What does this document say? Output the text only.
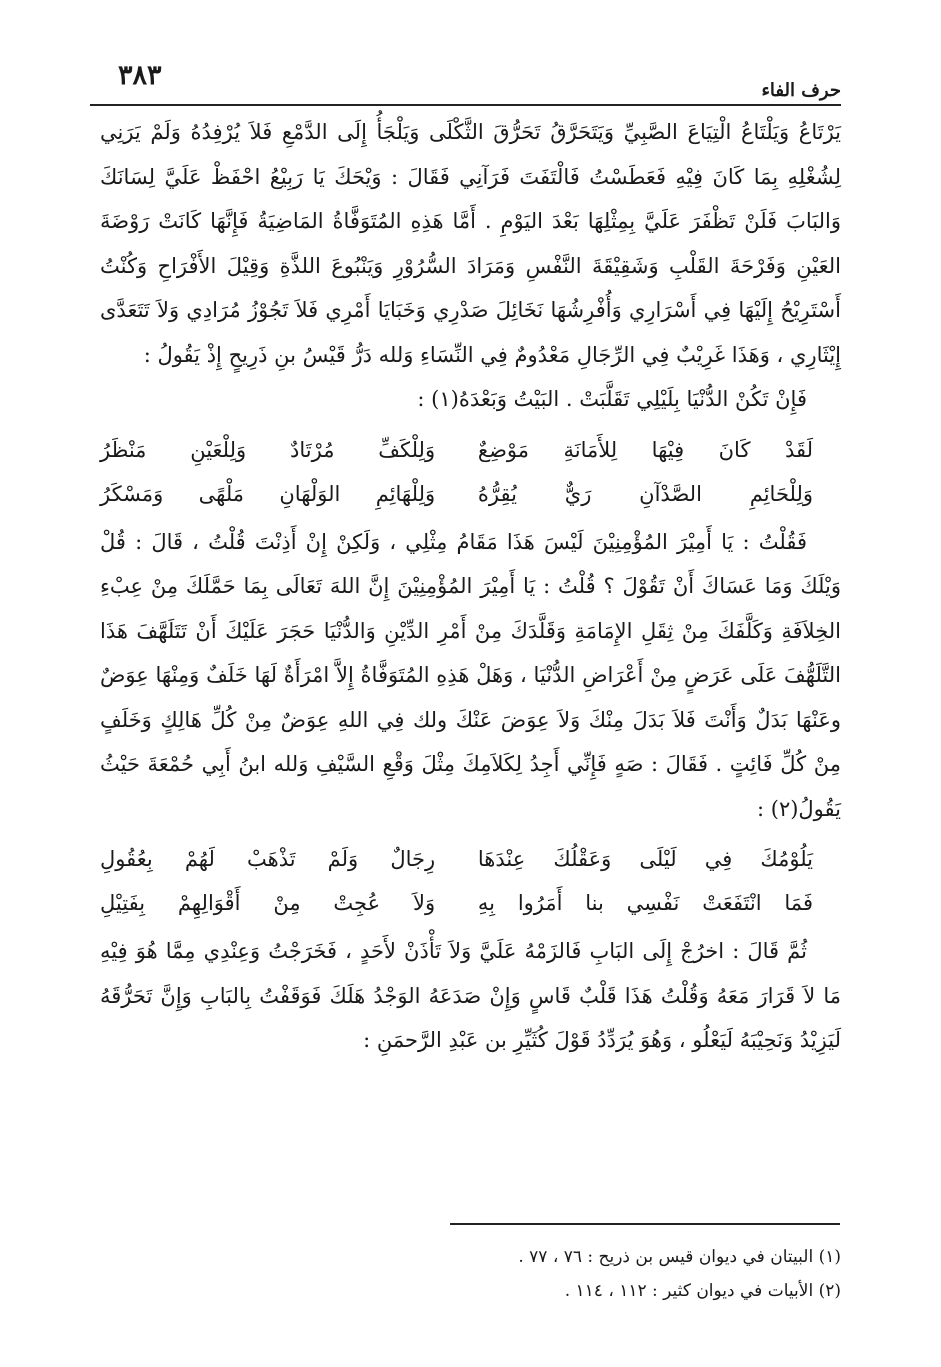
٣٨٣	حرف الفاء

يَرْتَاعُ وَيَلْتَاعُ الْتِيَاعَ الصَّبِيِّ وَيَتَحَرَّقُ تَحَرُّقَ الثَّكْلَى وَيَلْجَأُ إِلَى الدَّمْعِ فَلاَ يُرْفِدُهُ وَلَمْ يَرَنِي لِشُغْلِهِ بِمَا كَانَ فِيْهِ فَعَطَسْتُ فَالْتَفَتَ فَرَآنِي فَقَالَ : وَيْحَكَ يَا رَبِيْعُ احْفَظْ عَلَيَّ لِسَانَكَ وَالبَابَ فَلَنْ تَظْفَرَ عَلَيَّ بِمِثْلِهَا بَعْدَ اليَوْمِ . أَمَّا هَذِهِ المُتَوَفَّاةُ المَاضِيَةُ فَإِنَّهَا كَانَتْ رَوْضَةَ العَيْنِ وَفَرْحَةَ القَلْبِ وَشَقِيْقَةَ النَّفْسِ وَمَرَادَ السُّرُوْرِ وَيَنْبُوعَ اللذَّةِ وَقِيْلَ الأَفْرَاحِ وَكُنْتُ أَسْتَرِيْحُ إِلَيْهَا فِي أَسْرَارِي وَأُفْرِشُهَا نَخَائِلَ صَدْرِي وَخَبَايَا أَمْرِي فَلاَ تَجُوْزُ مُرَادِي وَلاَ تَتَعَدَّى إِيْثَارِي ، وَهَذَا غَرِيْبٌ فِي الرِّجَالِ مَعْدُومٌ فِي النِّسَاءِ وَلله دَرُّ قَيْسُ بنِ ذَرِيحٍ إِذْ يَقُولُ :

فَإِنْ تَكُنْ الدُّنْيَا بِلَيْلِي تَقَلَّبَتْ . البَيْتُ وَبَعْدَهُ(١) :

لَقَدْ كَانَ فِيْهَا لِلأَمَانَةِ مَوْضِعٌ
وَلِلْكَفِّ مُرْتَادٌ وَلِلْعَيْنِ مَنْظَرُ
وَلِلْحَائِمِ الصَّدْآنِ رَيٌّ يُقِرُّهُ
وَلِلْهَائِمِ الوَلْهَانِ مَلْهًى وَمَسْكَرُ

فَقُلْتُ : يَا أَمِيْرَ المُؤْمِنِيْنَ لَيْسَ هَذَا مَقَامُ مِثْلِي ، وَلَكِنْ إِنْ أَذِنْتَ قُلْتُ ، قَالَ : قُلْ وَيْلَكَ وَمَا عَسَاكَ أَنْ تَقُوْلَ ؟ قُلْتُ : يَا أَمِيْرَ المُؤْمِنِيْنَ إِنَّ اللهَ تَعَالَى بِمَا حَمَّلَكَ مِنْ عِبْءِ الخِلاَفَةِ وَكَلَّفَكَ مِنْ ثِقَلِ الإِمَامَةِ وَقَلَّدَكَ مِنْ أَمْرِ الدِّيْنِ وَالدُّنْيَا حَجَرَ عَلَيْكَ أَنْ تَتَلَهَّفَ هَذَا التَّلَهُّفَ عَلَى عَرَضٍ مِنْ أَعْرَاضِ الدُّنْيَا ، وَهَلْ هَذِهِ المُتَوَفَّاةُ إِلاَّ امْرَأَةٌ لَهَا خَلَفٌ وَمِنْهَا عِوَضٌ وعَنْهَا بَدَلٌ وَأَنْتَ فَلاَ بَدَلَ مِنْكَ وَلاَ عِوَضَ عَنْكَ ولك فِي اللهِ عِوَضٌ مِنْ كُلِّ هَالِكٍ وَخَلَفٍ مِنْ كُلِّ فَائِتٍ . فَقَالَ : صَهٍ فَإِنِّي أَجِدُ لِكَلاَمِكَ مِثْلَ وَقْعِ السَّيْفِ وَلله ابنُ أَبِي حُمْعَةَ حَيْثُ يَقُولُ(٢) :

يَلُوْمُكَ فِي لَيْلَى وَعَقْلُكَ عِنْدَهَا
رِجَالٌ وَلَمْ تَذْهَبْ لَهُمْ بِعُقُولِ
فَمَا انْتَفَعَتْ نَفْسِي بنا أَمَرُوا بِهِ
وَلاَ عُجِتْ مِنْ أَقْوَالِهِمْ بِفَتِيْلِ

ثُمَّ قَالَ : اخرُجْ إِلَى البَابِ فَالزَمْهُ عَلَيَّ وَلاَ تَأْذَنْ لأَحَدٍ ، فَخَرَجْتُ وَعِنْدِي مِمَّا هُوَ فِيْهِ مَا لاَ قَرَارَ مَعَهُ وَقُلْتُ هَذَا قَلْبٌ قَاسٍ وَإِنْ صَدَعَهُ الوَجْدُ هَلَكَ فَوَقَفْتُ بِالبَابِ وَإِنَّ تَحَرُّقَهُ لَيَزِيْدُ وَنَحِيْبَهُ لَيَعْلُو ، وَهُوَ يُرَدِّدُ قَوْلَ كُثَيِّرِ بن عَبْدِ الرَّحمَنِ :

(١) البيتان في ديوان قيس بن ذريح : ٧٦ ، ٧٧ .

(٢) الأبيات في ديوان كثير : ١١٢ ، ١١٤ .
